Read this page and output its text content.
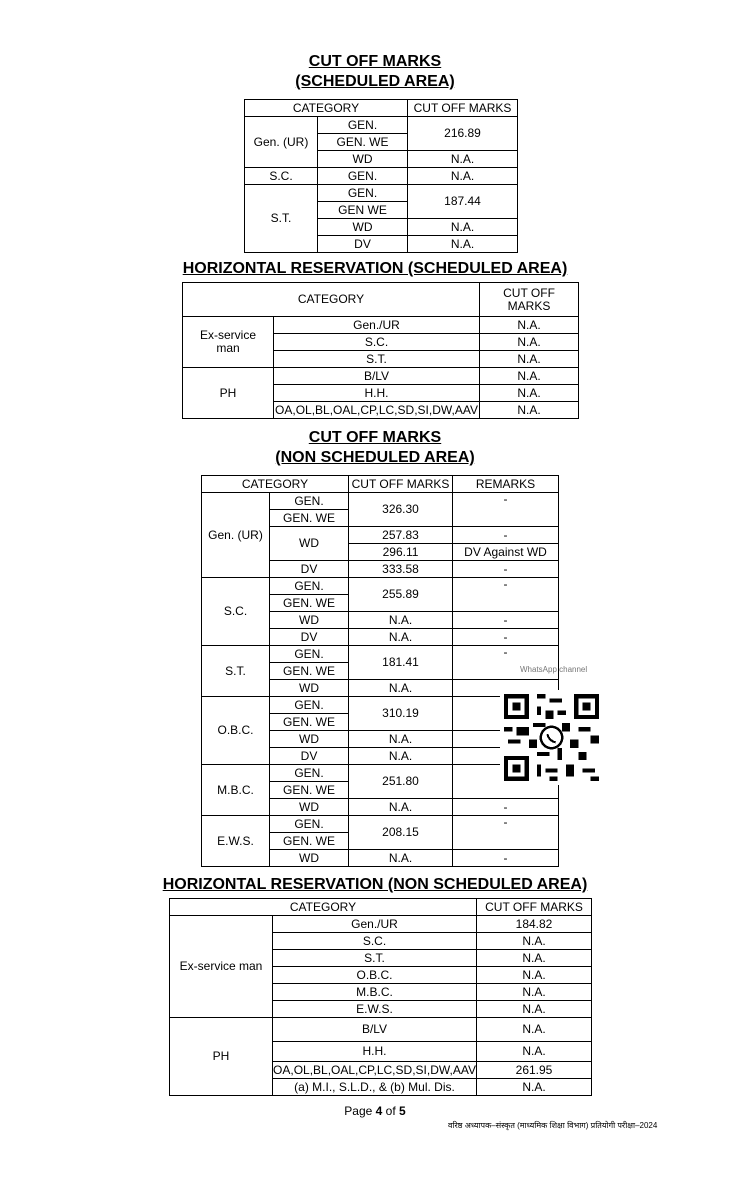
CUT OFF MARKS
(SCHEDULED AREA)
CATEGORY		CUT OFF MARKS
Gen. (UR)	GEN.	216.89
	GEN. WE	
	WD	N.A.
S.C.	GEN.	N.A.
S.T.	GEN.	187.44
	GEN WE	
	WD	N.A.
	DV	N.A.
HORIZONTAL RESERVATION (SCHEDULED AREA)
CATEGORY		CUT OFF
MARKS
Ex-service
man	Gen./UR	N.A.
	S.C.	N.A.
	S.T.	N.A.
PH	B/LV	N.A.
	H.H.	N.A.
	OA,OL,BL,OAL,CP,LC,SD,SI,DW,AAV	N.A.
CUT OFF MARKS
(NON SCHEDULED AREA)
CATEGORY		CUT OFF MARKS	REMARKS
Gen. (UR)	GEN.	326.30	-
	GEN. WE		
	WD	257.83	-
		296.11	DV Against WD
	DV	333.58	-
S.C.	GEN.	255.89	-
	GEN. WE		
	WD	N.A.	-
	DV	N.A.	-
S.T.	GEN.	181.41	-
	GEN. WE		
	WD	N.A.	
O.B.C.	GEN.	310.19	
	GEN. WE		
	WD	N.A.	
	DV	N.A.	
M.B.C.	GEN.	251.80	
	GEN. WE		
	WD	N.A.	-
E.W.S.	GEN.	208.15	-
	GEN. WE		
	WD	N.A.	-
WhatsApp channel
HORIZONTAL RESERVATION (NON SCHEDULED AREA)
CATEGORY		CUT OFF MARKS
Ex-service man	Gen./UR	184.82
	S.C.	N.A.
	S.T.	N.A.
	O.B.C.	N.A.
	M.B.C.	N.A.
	E.W.S.	N.A.
PH	B/LV	N.A.
	H.H.	N.A.
	OA,OL,BL,OAL,CP,LC,SD,SI,DW,AAV	261.95
	(a) M.I., S.L.D., & (b) Mul. Dis.	N.A.
Page 4 of 5
वरिष्ठ अध्यापक–संस्कृत (माध्यमिक शिक्षा विभाग) प्रतियोगी परीक्षा–2024
